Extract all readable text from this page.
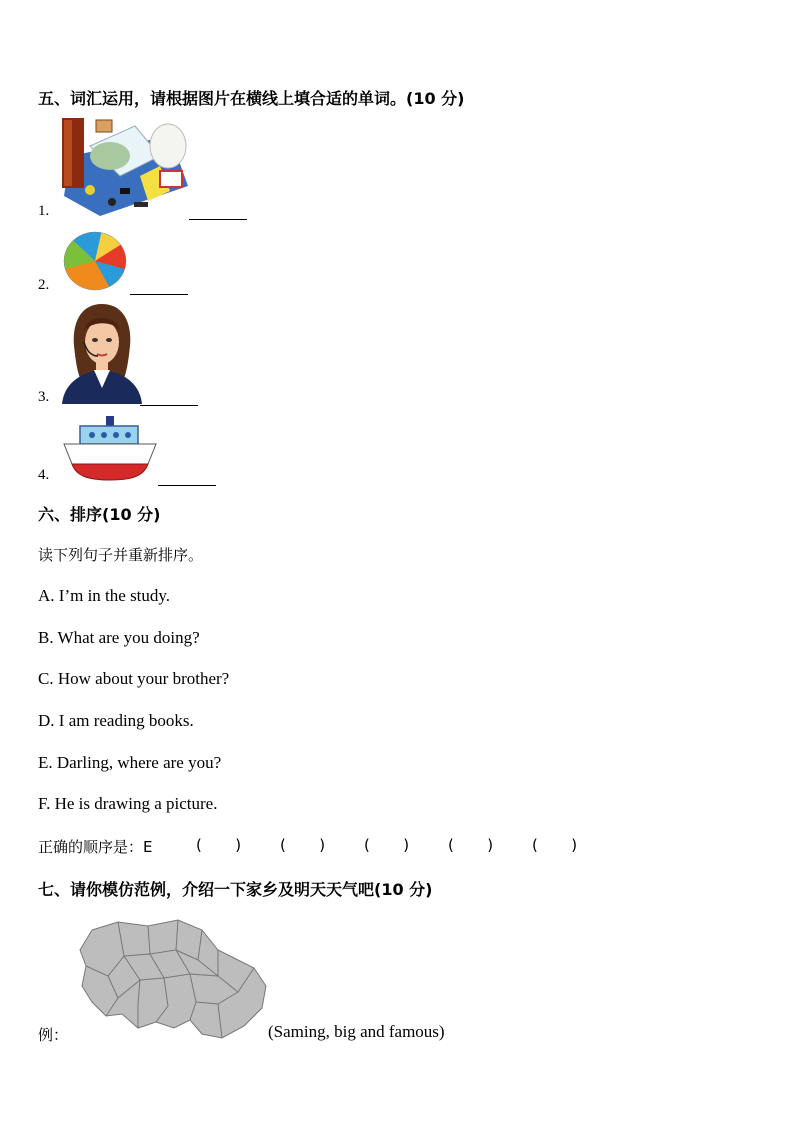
五、词汇运用，请根据图片在横线上填合适的单词。(10 分)
1.
2.
3.
4.
六、排序(10 分)
读下列句子并重新排序。
A. I’m in the study.
B. What are you doing?
C. How about your brother?
D. I am reading books.
E. Darling, where are you?
F. He is drawing a picture.
正确的顺序是：E	(       )	(       )	(       )	(       )	(       )
七、请你模仿范例，介绍一下家乡及明天天气吧(10 分)
例：	(Saming, big and famous)
